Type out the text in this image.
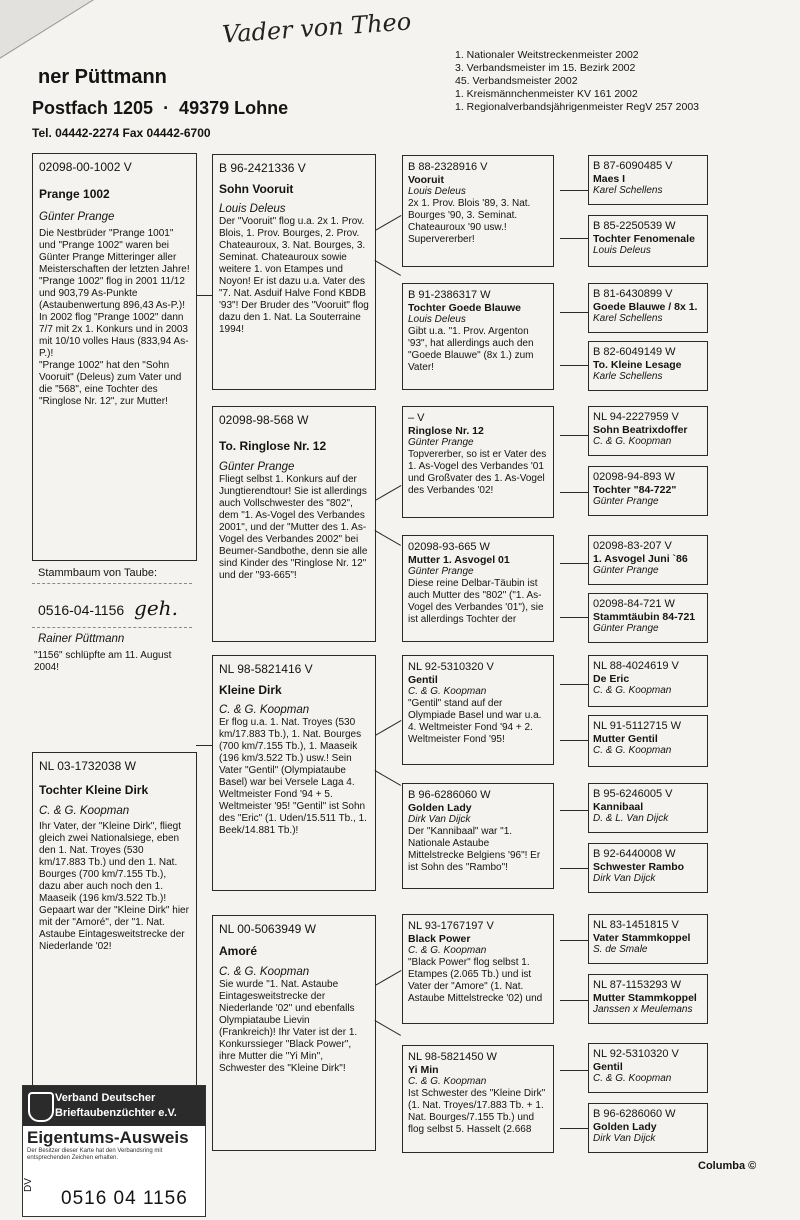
Vader von Theo
ner Püttmann
Postfach 1205  ·  49379 Lohne
Tel. 04442-2274 Fax 04442-6700
1. Nationaler Weitstreckenmeister 2002
3. Verbandsmeister im 15. Bezirk 2002
45. Verbandsmeister 2002
1. Kreismännchenmeister KV 161 2002
1. Regionalverbandsjährigenmeister RegV 257 2003
02098-00-1002 V
Prange 1002
Günter Prange
Die Nestbrüder "Prange 1001" und "Prange 1002" waren bei Günter Prange Mitteringer aller Meisterschaften der letzten Jahre! "Prange 1002" flog in 2001 11/12 und 903,79 As-Punkte (Astaubenwertung 896,43 As-P.)! In 2002 flog "Prange 1002" dann 7/7 mit 2x 1. Konkurs und in 2003 mit 10/10 volles Haus (833,94 As-P.)!
"Prange 1002" hat den "Sohn Vooruit" (Deleus) zum Vater und die "568", eine Tochter des "Ringlose Nr. 12", zur Mutter!
Stammbaum von Taube:
0516-04-1156 geh.
Rainer Püttmann
"1156" schlüpfte am 11. August 2004!
NL 03-1732038 W
Tochter Kleine Dirk
C. & G. Koopman
Ihr Vater, der "Kleine Dirk", fliegt gleich zwei Nationalsiege, eben den 1. Nat. Troyes (530 km/17.883 Tb.) und den 1. Nat. Bourges (700 km/7.155 Tb.), dazu aber auch noch den 1. Maaseik (196 km/3.522 Tb.)! Gepaart war der "Kleine Dirk" hier mit der "Amoré", der "1. Nat. Astaube Eintagesweitstrecke der Niederlande '02!
B 96-2421336 V
Sohn Vooruit
Louis Deleus
Der "Vooruit" flog u.a. 2x 1. Prov. Blois, 1. Prov. Bourges, 2. Prov. Chateauroux, 3. Nat. Bourges, 3. Seminat. Chateauroux sowie weitere 1. von Etampes und Noyon! Er ist dazu u.a. Vater des "7. Nat. Asduif Halve Fond KBDB '93"! Der Bruder des "Vooruit" flog dazu den 1. Nat. La Souterraine 1994!
02098-98-568 W
To. Ringlose Nr. 12
Günter Prange
Fliegt selbst 1. Konkurs auf der Jungtierendtour! Sie ist allerdings auch Vollschwester des "802", dem "1. As-Vogel des Verbandes 2001", und der "Mutter des 1. As-Vogel des Verbandes 2002" bei Beumer-Sandbothe, denn sie alle sind Kinder des "Ringlose Nr. 12" und der "93-665"!
NL 98-5821416 V
Kleine Dirk
C. & G. Koopman
Er flog u.a. 1. Nat. Troyes (530 km/17.883 Tb.), 1. Nat. Bourges (700 km/7.155 Tb.), 1. Maaseik (196 km/3.522 Tb.) usw.! Sein Vater "Gentil" (Olympiataube Basel) war bei Versele Laga 4. Weltmeister Fond '94 + 5. Weltmeister '95! "Gentil" ist Sohn des "Eric" (1. Uden/15.511 Tb., 1. Beek/14.881 Tb.)!
NL 00-5063949 W
Amoré
C. & G. Koopman
Sie wurde "1. Nat. Astaube Eintagesweitstrecke der Niederlande '02" und ebenfalls Olympiataube Lievin (Frankreich)! Ihr Vater ist der 1. Konkurssieger "Black Power", ihre Mutter die "Yi Min", Schwester des "Kleine Dirk"!
B 88-2328916 V
Vooruit
Louis Deleus
2x 1. Prov. Blois '89, 3. Nat. Bourges '90, 3. Seminat. Chateauroux '90 usw.! Supervererber!
B 91-2386317 W
Tochter Goede Blauwe
Louis Deleus
Gibt u.a. "1. Prov. Argenton '93", hat allerdings auch den "Goede Blauwe" (8x 1.) zum Vater!
– V
Ringlose Nr. 12
Günter Prange
Topvererber, so ist er Vater des 1. As-Vogel des Verbandes '01 und Großvater des 1. As-Vogel des Verbandes '02!
02098-93-665 W
Mutter 1. Asvogel 01
Günter Prange
Diese reine Delbar-Täubin ist auch Mutter des "802" ("1. As-Vogel des Verbandes '01"), sie ist allerdings Tochter der
NL 92-5310320 V
Gentil
C. & G. Koopman
"Gentil" stand auf der Olympiade Basel und war u.a. 4. Weltmeister Fond '94 + 2. Weltmeister Fond '95!
B 96-6286060 W
Golden Lady
Dirk Van Dijck
Der "Kannibaal" war "1. Nationale Astaube Mittelstrecke Belgiens '96"! Er ist Sohn des "Rambo"!
NL 93-1767197 V
Black Power
C. & G. Koopman
"Black Power" flog selbst 1. Etampes (2.065 Tb.) und ist Vater der "Amore" (1. Nat. Astaube Mittelstrecke '02) und
NL 98-5821450 W
Yi Min
C. & G. Koopman
Ist Schwester des "Kleine Dirk" (1. Nat. Troyes/17.883 Tb. + 1. Nat. Bourges/7.155 Tb.) und flog selbst 5. Hasselt (2.668
B 87-6090485 V
Maes I
Karel Schellens
B 85-2250539 W
Tochter Fenomenale
Louis Deleus
B 81-6430899 V
Goede Blauwe / 8x 1.
Karel Schellens
B 82-6049149 W
To. Kleine Lesage
Karle Schellens
NL 94-2227959 V
Sohn Beatrixdoffer
C. & G. Koopman
02098-94-893 W
Tochter "84-722"
Günter Prange
02098-83-207 V
1. Asvogel Juni `86
Günter Prange
02098-84-721 W
Stammtäubin 84-721
Günter Prange
NL 88-4024619 V
De Eric
C. & G. Koopman
NL 91-5112715 W
Mutter Gentil
C. & G. Koopman
B 95-6246005 V
Kannibaal
D. & L. Van Dijck
B 92-6440008 W
Schwester Rambo
Dirk Van Dijck
NL 83-1451815 V
Vater Stammkoppel
S. de Smale
NL 87-1153293 W
Mutter Stammkoppel
Janssen x Meulemans
NL 92-5310320 V
Gentil
C. & G. Koopman
B 96-6286060 W
Golden Lady
Dirk Van Dijck
Columba ©
Verband Deutscher
Brieftaubenzüchter e.V.
Eigentums-Ausweis
Der Besitzer dieser Karte hat den Verbandsring mit entsprechenden Zeichen erhalten.
DV
0516 04 1156
